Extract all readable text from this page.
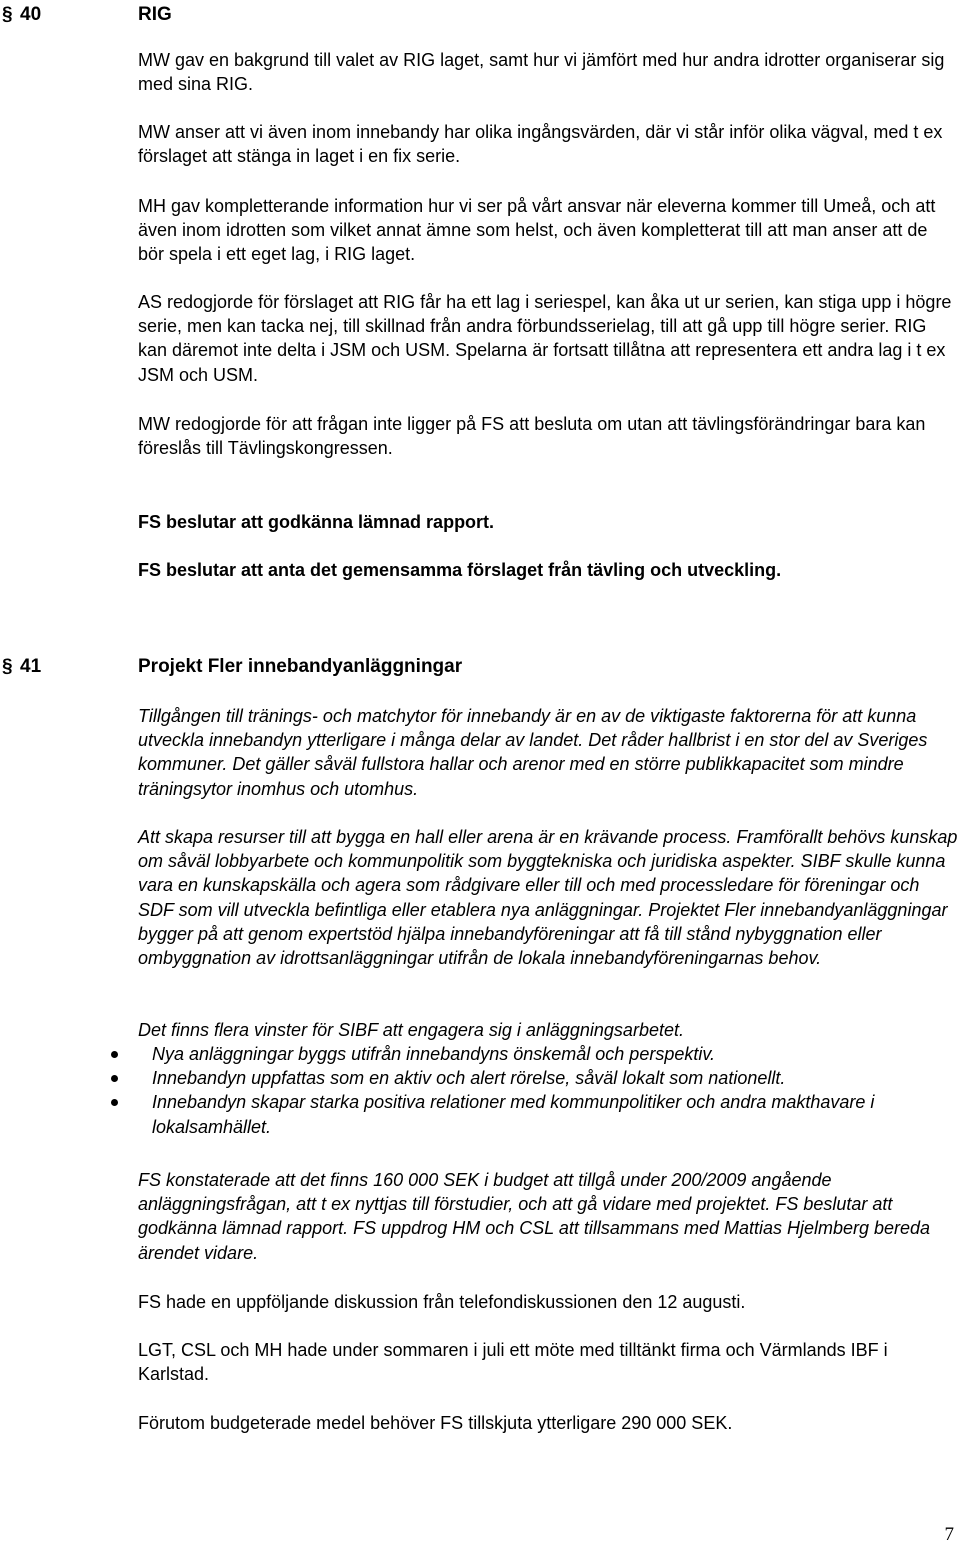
§ 40	RIG

MW gav en bakgrund till valet av RIG laget, samt hur vi jämfört med hur andra idrotter organiserar sig med sina RIG.

MW anser att vi även inom innebandy har olika ingångsvärden, där vi står inför olika vägval, med t ex förslaget att stänga in laget i en fix serie.

MH gav kompletterande information hur vi ser på vårt ansvar när eleverna kommer till Umeå, och att även inom idrotten som vilket annat ämne som helst, och även kompletterat till att man anser att de bör spela i ett eget lag, i RIG laget.

AS redogjorde för förslaget att RIG får ha ett lag i seriespel, kan åka ut ur serien, kan stiga upp i högre serie, men kan tacka nej, till skillnad från andra förbundsserielag, till att gå upp till högre serier. RIG kan däremot inte delta i JSM och USM. Spelarna är fortsatt tillåtna att representera ett andra lag i t ex JSM och USM.

MW redogjorde för att frågan inte ligger på FS att besluta om utan att tävlingsförändringar bara kan föreslås till Tävlingskongressen.

FS beslutar att godkänna lämnad rapport.

FS beslutar att anta det gemensamma förslaget från tävling och utveckling.

§ 41	Projekt Fler innebandyanläggningar

Tillgången till tränings- och matchytor för innebandy är en av de viktigaste faktorerna för att kunna utveckla innebandyn ytterligare i många delar av landet. Det råder hallbrist i en stor del av Sveriges kommuner. Det gäller såväl fullstora hallar och arenor med en större publikkapacitet som mindre träningsytor inomhus och utomhus.

Att skapa resurser till att bygga en hall eller arena är en krävande process. Framförallt behövs kunskap om såväl lobbyarbete och kommunpolitik som byggtekniska och juridiska aspekter. SIBF skulle kunna vara en kunskapskälla och agera som rådgivare eller till och med processledare för föreningar och SDF som vill utveckla befintliga eller etablera nya anläggningar. Projektet Fler innebandyanläggningar bygger på att genom expertstöd hjälpa innebandyföreningar att få till stånd nybyggnation eller ombyggnation av idrottsanläggningar utifrån de lokala innebandyföreningarnas behov.

Det finns flera vinster för SIBF att engagera sig i anläggningsarbetet.

Nya anläggningar byggs utifrån innebandyns önskemål och perspektiv.
Innebandyn uppfattas som en aktiv och alert rörelse, såväl lokalt som nationellt.
Innebandyn skapar starka positiva relationer med kommunpolitiker och andra makthavare i lokalsamhället.

FS konstaterade att det finns 160 000 SEK i budget att tillgå under 200/2009 angående anläggningsfrågan, att t ex nyttjas till förstudier, och att gå vidare med projektet. FS beslutar att godkänna lämnad rapport. FS uppdrog HM och CSL att tillsammans med Mattias Hjelmberg bereda ärendet vidare.

FS hade en uppföljande diskussion från telefondiskussionen den 12 augusti.

LGT, CSL och MH hade under sommaren i juli ett möte med tilltänkt firma och Värmlands IBF i Karlstad.

Förutom budgeterade medel behöver FS tillskjuta ytterligare 290 000 SEK.

7
